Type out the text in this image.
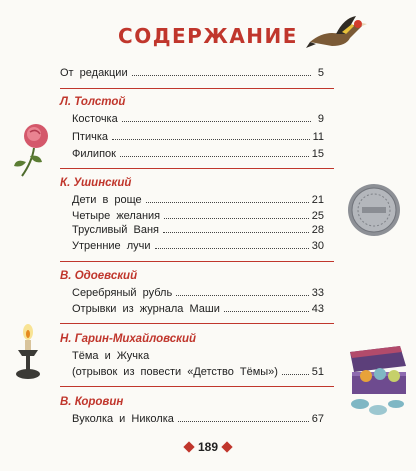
СОДЕРЖАНИЕ
От редакции	5
Л. Толстой
Косточка	9
Птичка	11
Филипок	15
К. Ушинский
Дети в роще	21
Четыре желания	25
Трусливый Ваня	28
Утренние лучи	30
В. Одоевский
Серебряный рубль	33
Отрывки из журнала Маши	43
Н. Гарин-Михайловский
Тёма и Жучка
(отрывок из повести «Детство Тёмы»)	51
В. Коровин
Вуколка и Николка	67
189
